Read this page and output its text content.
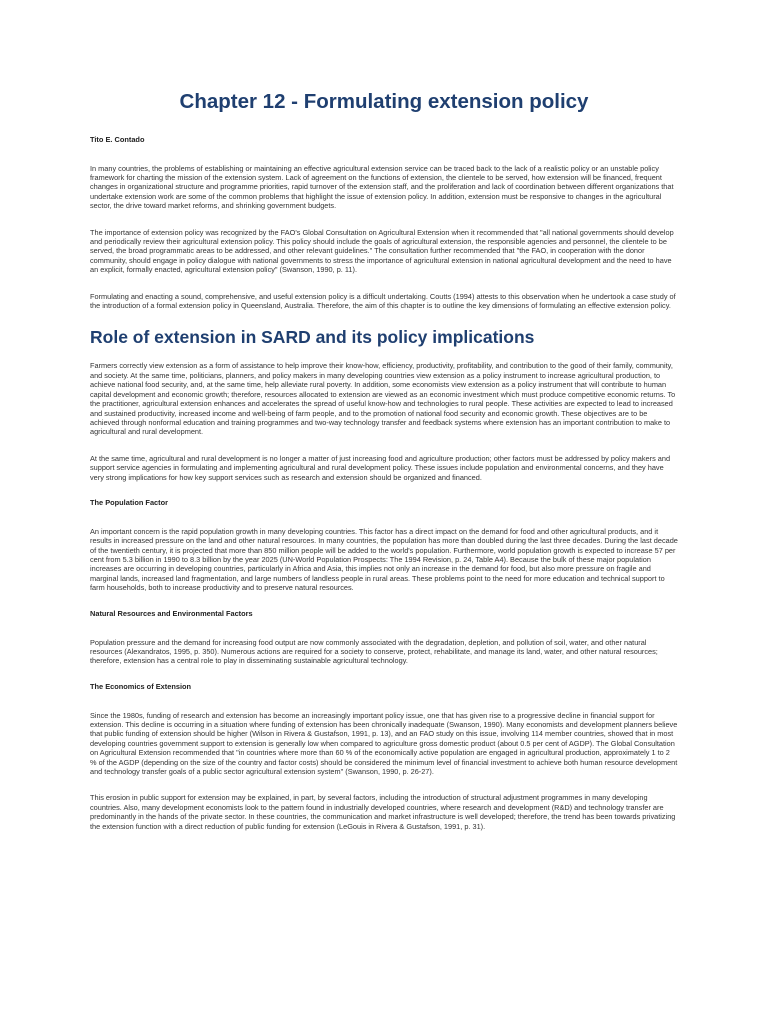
Chapter 12 - Formulating extension policy
Tito E. Contado

In many countries, the problems of establishing or maintaining an effective agricultural extension service can be traced back to the lack of a realistic policy or an unstable policy framework for charting the mission of the extension system. Lack of agreement on the functions of extension, the clientele to be served, how extension will be financed, frequent changes in organizational structure and programme priorities, rapid turnover of the extension staff, and the proliferation and lack of coordination between different organizations that undertake extension work are some of the common problems that highlight the issue of extension policy. In addition, extension must be responsive to changes in the agricultural sector, the drive toward market reforms, and shrinking government budgets.

The importance of extension policy was recognized by the FAO's Global Consultation on Agricultural Extension when it recommended that "all national governments should develop and periodically review their agricultural extension policy. This policy should include the goals of agricultural extension, the responsible agencies and personnel, the clientele to be served, the broad programmatic areas to be addressed, and other relevant guidelines." The consultation further recommended that "the FAO, in cooperation with the donor community, should engage in policy dialogue with national governments to stress the importance of agricultural extension in national agricultural development and the need to have an explicit, formally enacted, agricultural extension policy" (Swanson, 1990, p. 11).

Formulating and enacting a sound, comprehensive, and useful extension policy is a difficult undertaking. Coutts (1994) attests to this observation when he undertook a case study of the introduction of a formal extension policy in Queensland, Australia. Therefore, the aim of this chapter is to outline the key dimensions of formulating an effective extension policy.

Role of extension in SARD and its policy implications

Farmers correctly view extension as a form of assistance to help improve their know-how, efficiency, productivity, profitability, and contribution to the good of their family, community, and society. At the same time, politicians, planners, and policy makers in many developing countries view extension as a policy instrument to increase agricultural production, to achieve national food security, and, at the same time, help alleviate rural poverty. In addition, some economists view extension as a policy instrument that will contribute to human capital development and economic growth; therefore, resources allocated to extension are viewed as an economic investment which must produce competitive economic returns. To the practitioner, agricultural extension enhances and accelerates the spread of useful know-how and technologies to rural people. These activities are expected to lead to increased and sustained productivity, increased income and well-being of farm people, and to the promotion of national food security and economic growth. These objectives are to be achieved through nonformal education and training programmes and two-way technology transfer and feedback systems where extension has an important contribution to make to agricultural and rural development.

At the same time, agricultural and rural development is no longer a matter of just increasing food and agriculture production; other factors must be addressed by policy makers and support service agencies in formulating and implementing agricultural and rural development policy. These issues include population and environmental concerns, and they have very strong implications for how key support services such as research and extension should be organized and financed.

The Population Factor

An important concern is the rapid population growth in many developing countries. This factor has a direct impact on the demand for food and other agricultural products, and it results in increased pressure on the land and other natural resources. In many countries, the population has more than doubled during the last three decades. During the last decade of the twentieth century, it is projected that more than 850 million people will be added to the world's population. Furthermore, world population growth is expected to increase 57 per cent from 5.3 billion in 1990 to 8.3 billion by the year 2025 (UN-World Population Prospects: The 1994 Revision, p. 24, Table A4). Because the bulk of these major population increases are occurring in developing countries, particularly in Africa and Asia, this implies not only an increase in the demand for food, but also more pressure on fragile and marginal lands, increased land fragmentation, and large numbers of landless people in rural areas. These problems point to the need for more education and technical support to farm households, both to increase productivity and to preserve natural resources.

Natural Resources and Environmental Factors

Population pressure and the demand for increasing food output are now commonly associated with the degradation, depletion, and pollution of soil, water, and other natural resources (Alexandratos, 1995, p. 350). Numerous actions are required for a society to conserve, protect, rehabilitate, and manage its land, water, and other natural resources; therefore, extension has a central role to play in disseminating sustainable agricultural technology.

The Economics of Extension

Since the 1980s, funding of research and extension has become an increasingly important policy issue, one that has given rise to a progressive decline in financial support for extension. This decline is occurring in a situation where funding of extension has been chronically inadequate (Swanson, 1990). Many economists and development planners believe that public funding of extension should be higher (Wilson in Rivera & Gustafson, 1991, p. 13), and an FAO study on this issue, involving 114 member countries, showed that in most developing countries government support to extension is generally low when compared to agriculture gross domestic product (about 0.5 per cent of AGDP). The Global Consultation on Agricultural Extension recommended that "in countries where more than 60 % of the economically active population are engaged in agricultural production, approximately 1 to 2 % of the AGDP (depending on the size of the country and factor costs) should be considered the minimum level of financial investment to achieve both human resource development and technology transfer goals of a public sector agricultural extension system" (Swanson, 1990, p. 26-27).

This erosion in public support for extension may be explained, in part, by several factors, including the introduction of structural adjustment programmes in many developing countries. Also, many development economists look to the pattern found in industrially developed countries, where research and development (R&D) and technology transfer are predominantly in the hands of the private sector. In these countries, the communication and market infrastructure is well developed; therefore, the trend has been towards privatizing the extension function with a direct reduction of public funding for extension (LeGouis in Rivera & Gustafson, 1991, p. 31).
